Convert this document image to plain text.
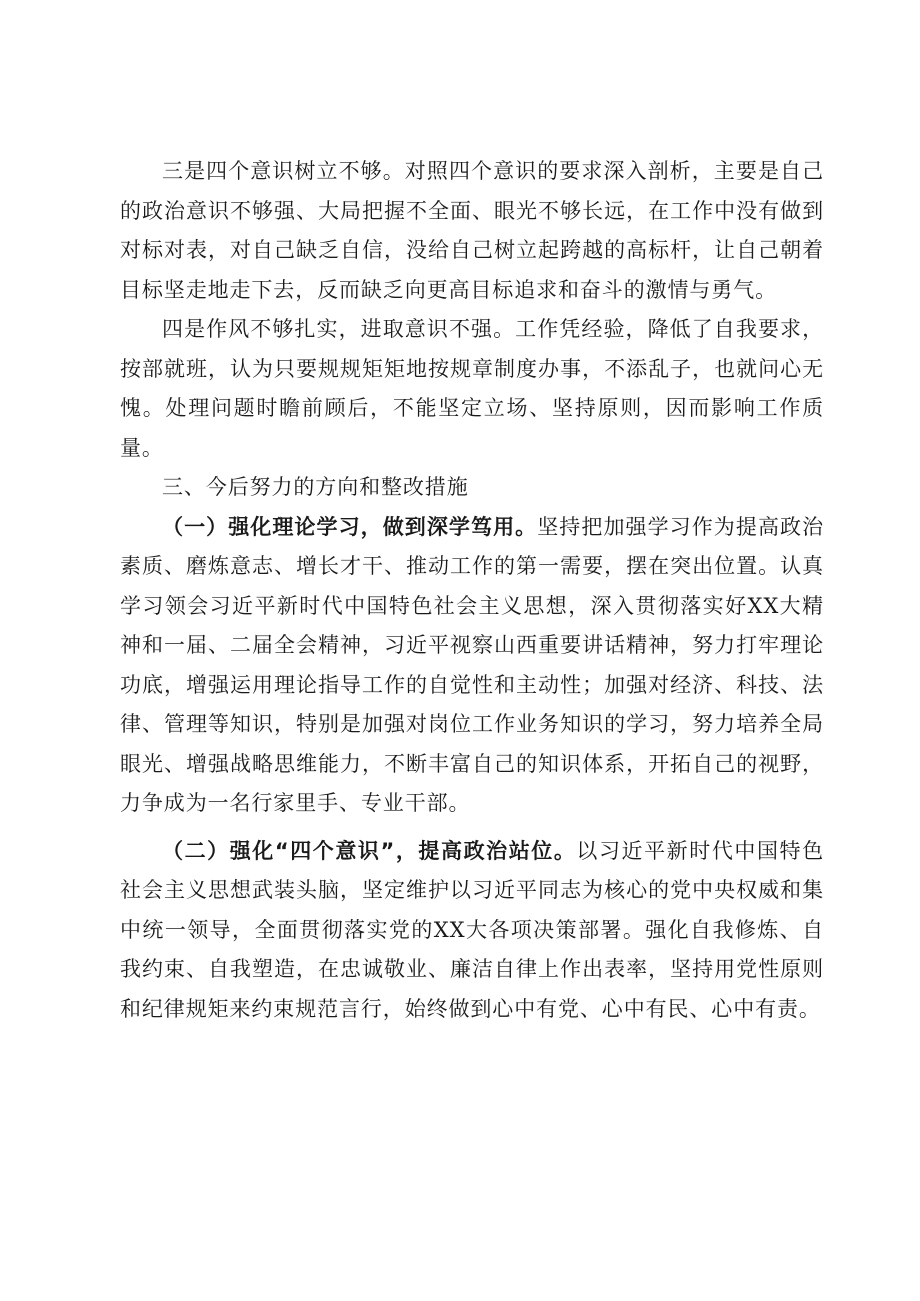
三是四个意识树立不够。对照四个意识的要求深入剖析，主要是自己的政治意识不够强、大局把握不全面、眼光不够长远，在工作中没有做到对标对表，对自己缺乏自信，没给自己树立起跨越的高标杆，让自己朝着目标坚走地走下去，反而缺乏向更高目标追求和奋斗的激情与勇气。

四是作风不够扎实，进取意识不强。工作凭经验，降低了自我要求，按部就班，认为只要规规矩矩地按规章制度办事，不添乱子，也就问心无愧。处理问题时瞻前顾后，不能坚定立场、坚持原则，因而影响工作质量。

三、今后努力的方向和整改措施

（一）强化理论学习，做到深学笃用。坚持把加强学习作为提高政治素质、磨炼意志、增长才干、推动工作的第一需要，摆在突出位置。认真学习领会习近平新时代中国特色社会主义思想，深入贯彻落实好XX大精神和一届、二届全会精神，习近平视察山西重要讲话精神，努力打牢理论功底，增强运用理论指导工作的自觉性和主动性；加强对经济、科技、法律、管理等知识，特别是加强对岗位工作业务知识的学习，努力培养全局眼光、增强战略思维能力，不断丰富自己的知识体系，开拓自己的视野，力争成为一名行家里手、专业干部。

（二）强化“四个意识”，提高政治站位。以习近平新时代中国特色社会主义思想武装头脑，坚定维护以习近平同志为核心的党中央权威和集中统一领导，全面贯彻落实党的XX大各项决策部署。强化自我修炼、自我约束、自我塑造，在忠诚敬业、廉洁自律上作出表率，坚持用党性原则和纪律规矩来约束规范言行，始终做到心中有党、心中有民、心中有责。
